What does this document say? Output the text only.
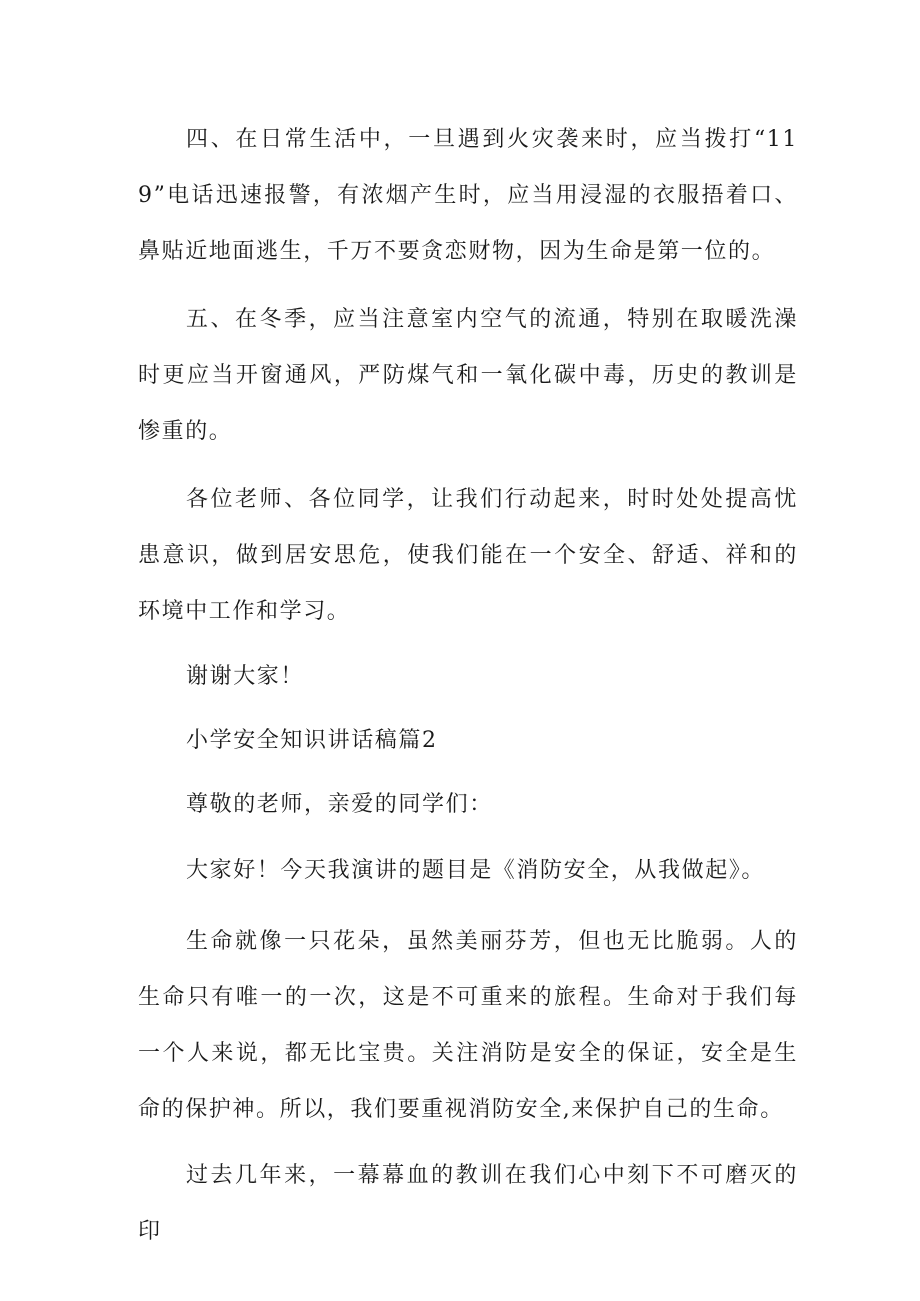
四、在日常生活中，一旦遇到火灾袭来时，应当拨打“119”电话迅速报警，有浓烟产生时，应当用浸湿的衣服捂着口、鼻贴近地面逃生，千万不要贪恋财物，因为生命是第一位的。

五、在冬季，应当注意室内空气的流通，特别在取暖洗澡时更应当开窗通风，严防煤气和一氧化碳中毒，历史的教训是惨重的。

各位老师、各位同学，让我们行动起来，时时处处提高忧患意识，做到居安思危，使我们能在一个安全、舒适、祥和的环境中工作和学习。

谢谢大家！

小学安全知识讲话稿篇2

尊敬的老师，亲爱的同学们：

大家好！今天我演讲的题目是《消防安全，从我做起》。

生命就像一只花朵，虽然美丽芬芳，但也无比脆弱。人的生命只有唯一的一次，这是不可重来的旅程。生命对于我们每一个人来说，都无比宝贵。关注消防是安全的保证，安全是生命的保护神。所以，我们要重视消防安全,来保护自己的生命。

过去几年来，一幕幕血的教训在我们心中刻下不可磨灭的印
